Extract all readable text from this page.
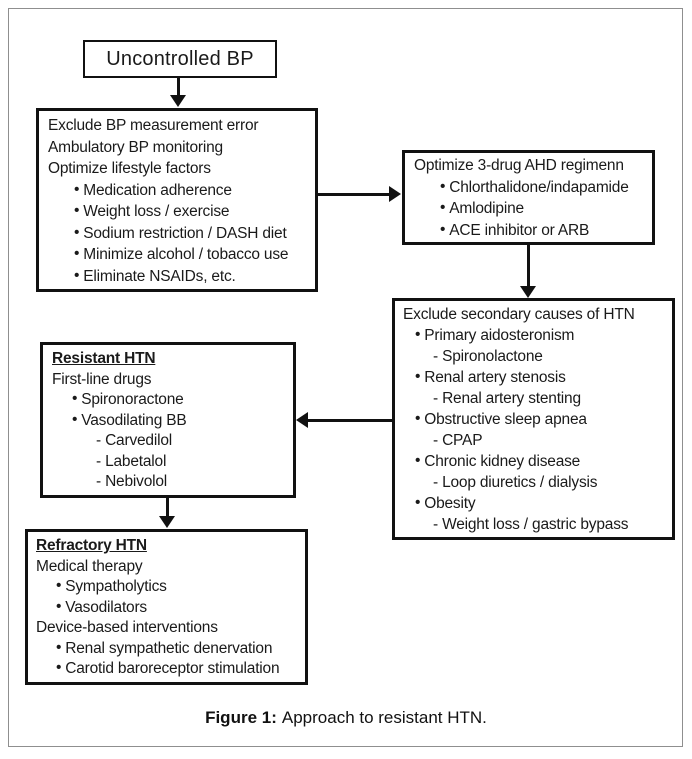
Uncontrolled BP
Exclude BP measurement error
Ambulatory BP monitoring
Optimize lifestyle factors
• Medication adherence
• Weight loss / exercise
• Sodium restriction / DASH diet
• Minimize alcohol / tobacco use
• Eliminate NSAIDs, etc.
Optimize 3-drug AHD regimenn
• Chlorthalidone/indapamide
• Amlodipine
• ACE inhibitor or ARB
Exclude secondary causes of HTN
• Primary aidosteronism
- Spironolactone
• Renal artery stenosis
- Renal artery stenting
• Obstructive sleep apnea
- CPAP
• Chronic kidney disease
- Loop diuretics / dialysis
• Obesity
- Weight loss / gastric bypass
Resistant HTN
First-line drugs
• Spironoractone
• Vasodilating BB
- Carvedilol
- Labetalol
- Nebivolol
Refractory HTN
Medical therapy
• Sympatholytics
• Vasodilators
Device-based interventions
• Renal sympathetic denervation
• Carotid baroreceptor stimulation
Figure 1: Approach to resistant HTN.
